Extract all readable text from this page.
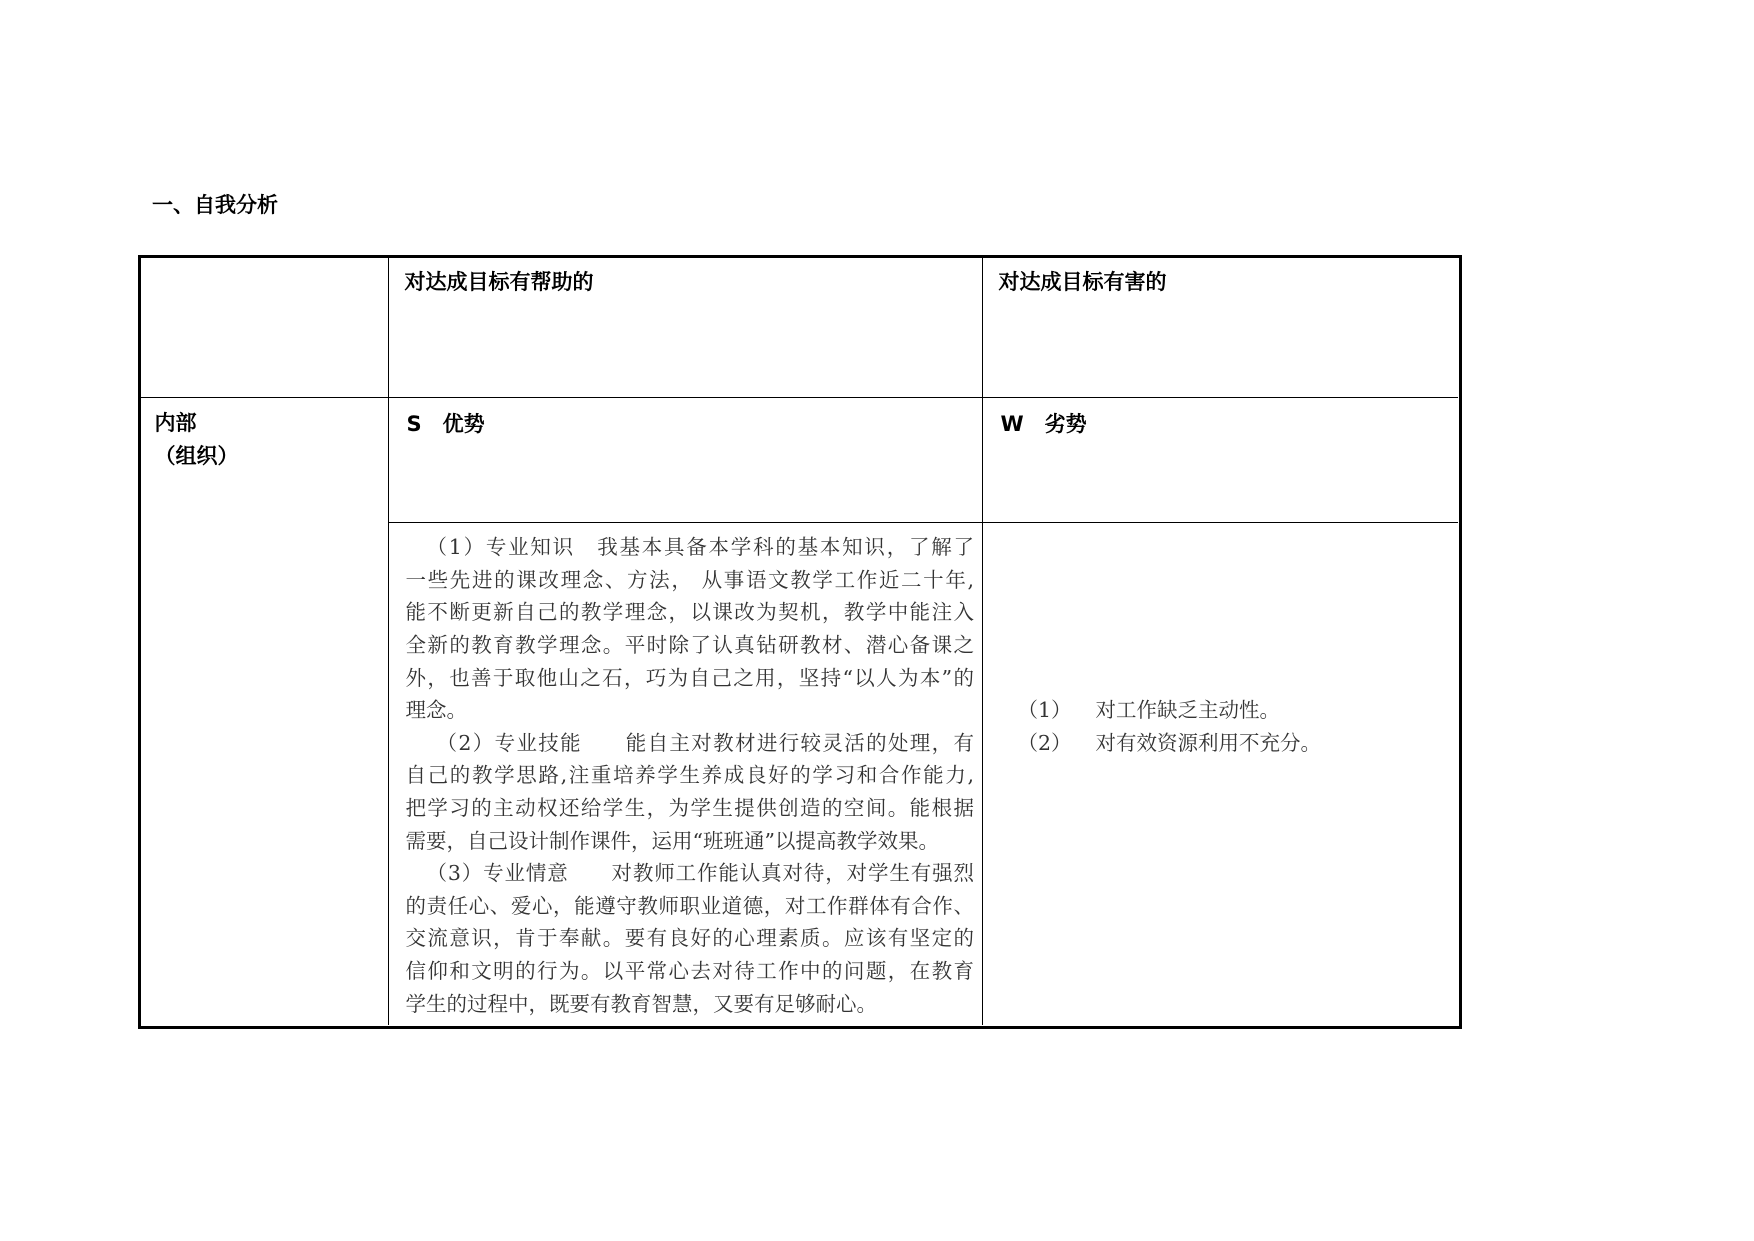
一、自我分析
对达成目标有帮助的	对达成目标有害的
内部
（组织）
S　优势	W　劣势
（1）专业知识　我基本具备本学科的基本知识，了解了
一些先进的课改理念、方法， 从事语文教学工作近二十年,
能不断更新自己的教学理念，以课改为契机，教学中能注入
全新的教育教学理念。平时除了认真钻研教材、潜心备课之
外，也善于取他山之石，巧为自己之用，坚持“以人为本”的
理念。
（2）专业技能　　能自主对教材进行较灵活的处理，有
自己的教学思路,注重培养学生养成良好的学习和合作能力,
把学习的主动权还给学生，为学生提供创造的空间。能根据
需要，自己设计制作课件，运用“班班通”以提高教学效果。
（3）专业情意　　对教师工作能认真对待，对学生有强烈
的责任心、爱心，能遵守教师职业道德，对工作群体有合作、
交流意识，肯于奉献。要有良好的心理素质。应该有坚定的
信仰和文明的行为。以平常心去对待工作中的问题，在教育
学生的过程中，既要有教育智慧，又要有足够耐心。
（1） 对工作缺乏主动性。
（2） 对有效资源利用不充分。
